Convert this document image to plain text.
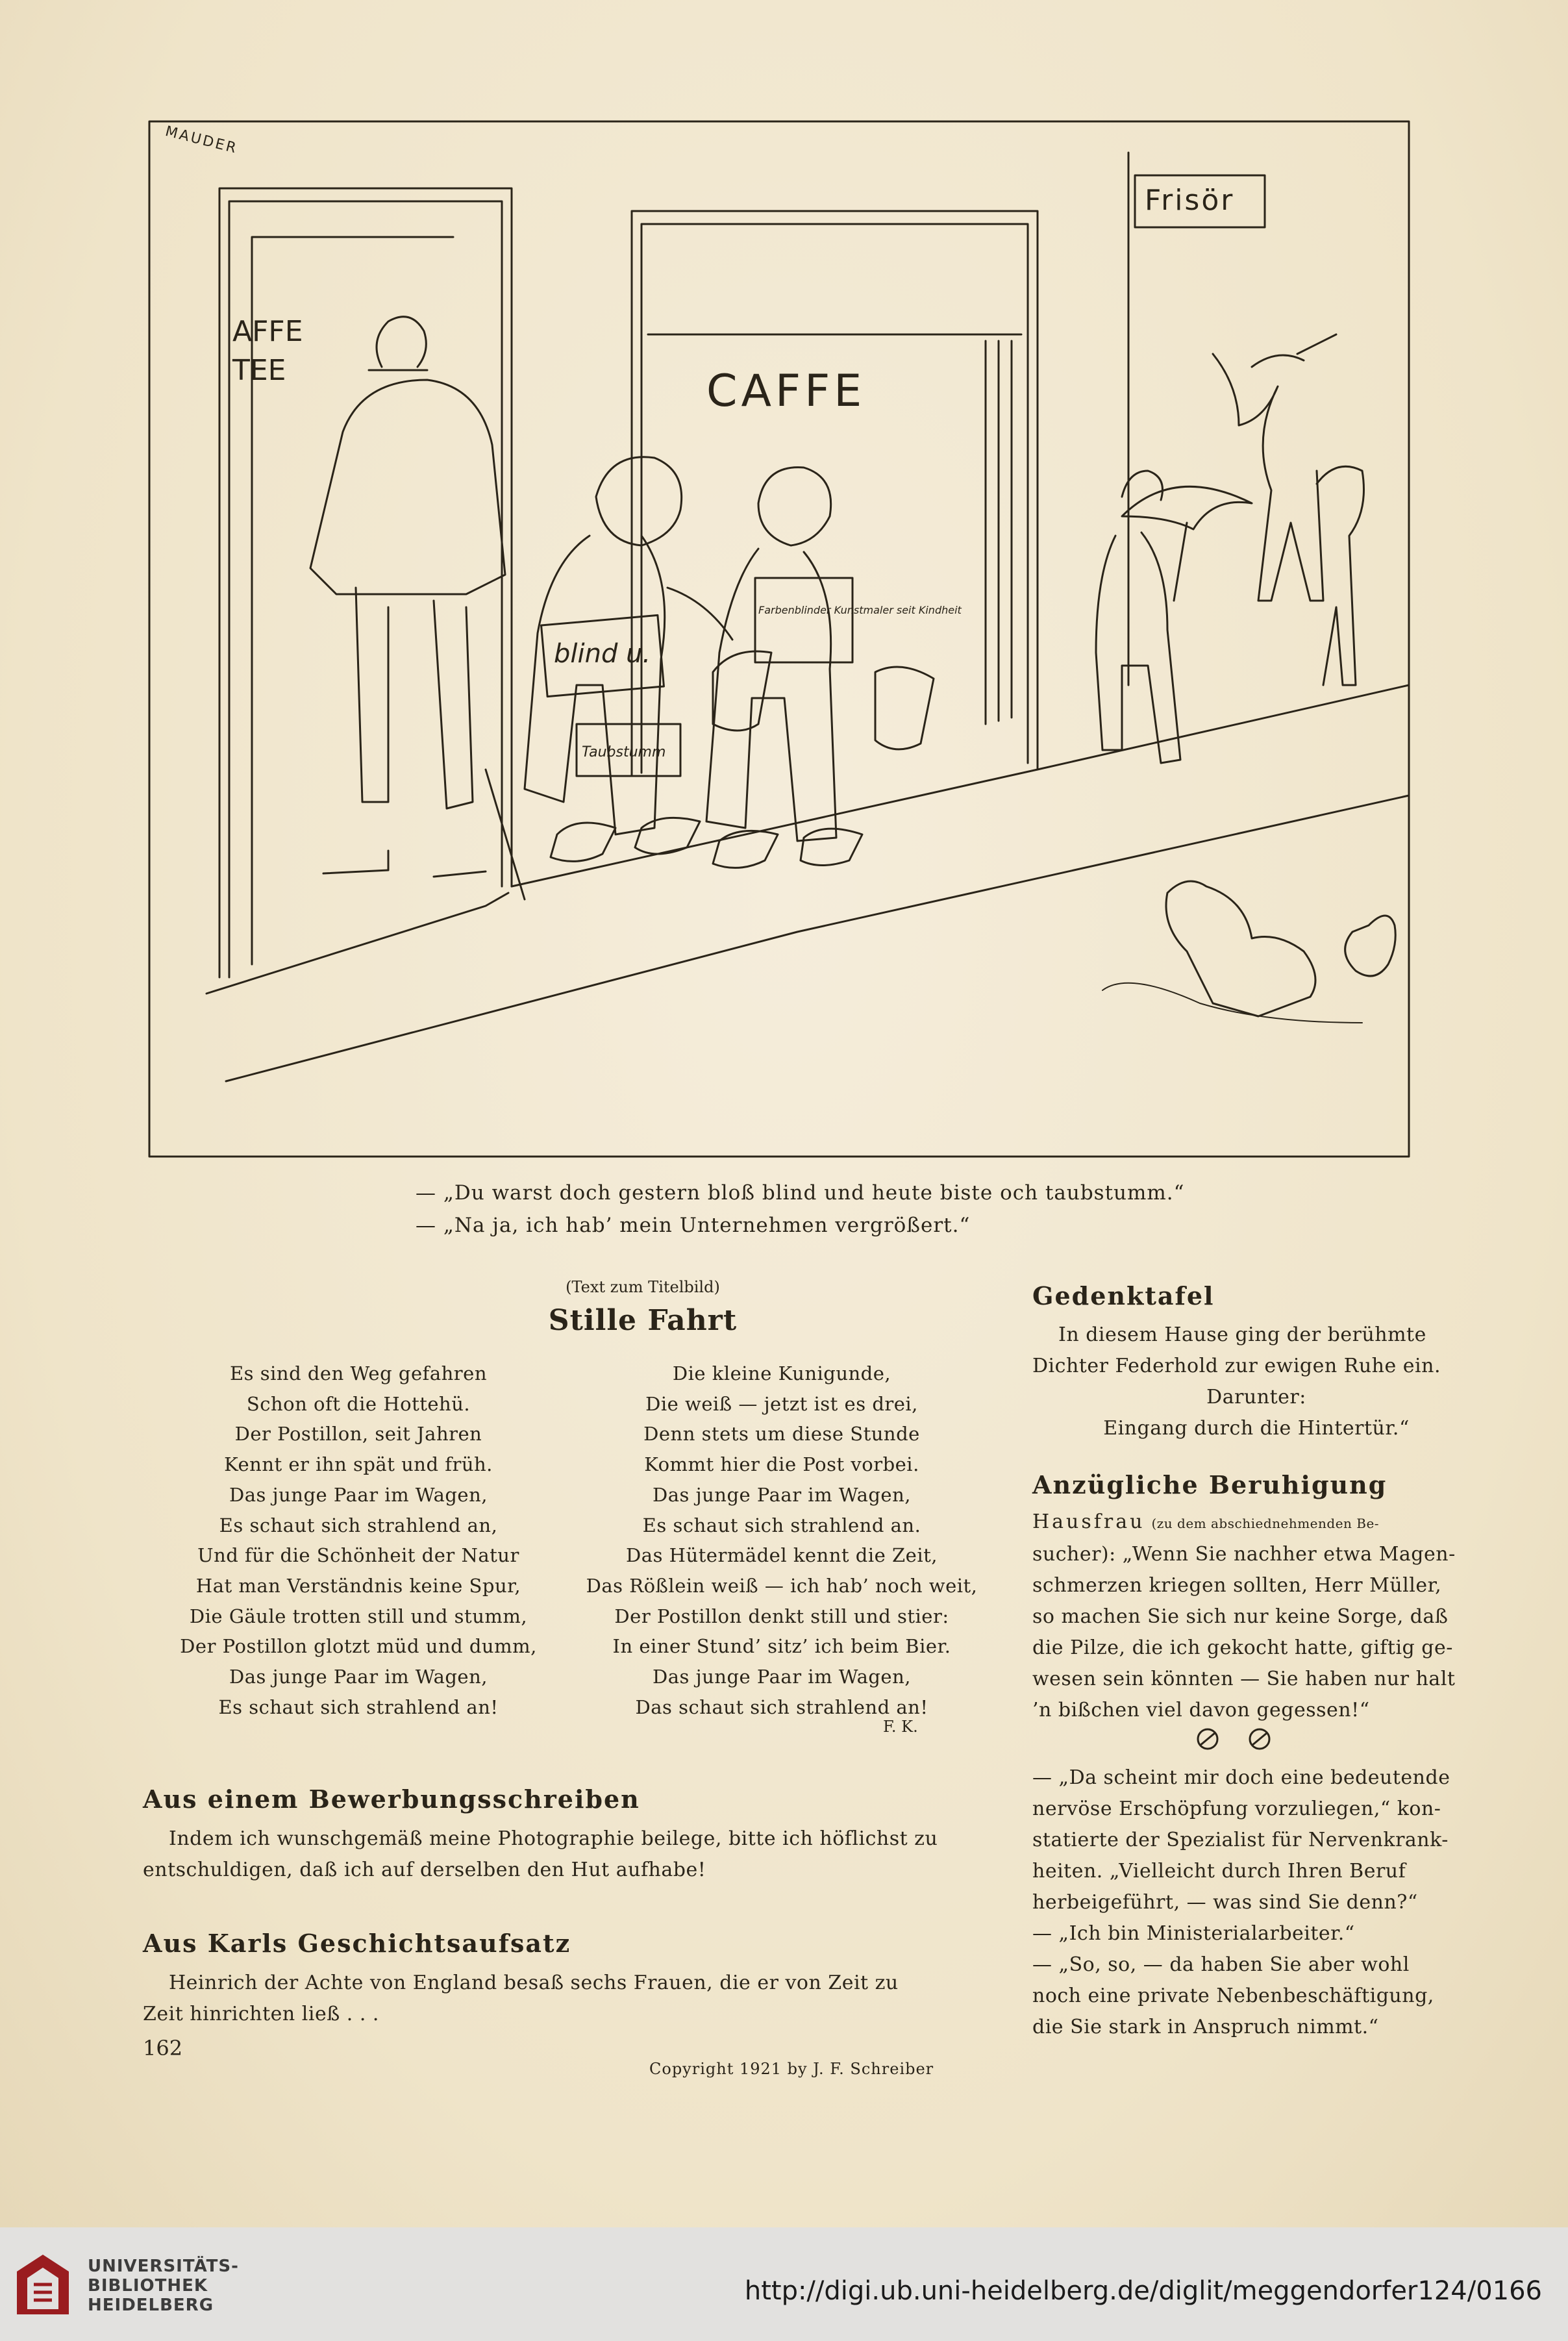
AFFE
TEE	CAFFE
Frisör
blind u.
Taubstumm
Farbenblinder Kunstmaler seit Kindheit
MAUDER
— „Du warst doch gestern bloß blind und heute biste och taubstumm.“
— „Na ja, ich hab’ mein Unternehmen vergrößert.“
(Text zum Titelbild)
Stille Fahrt
Es sind den Weg gefahren
Schon oft die Hottehü.
Der Postillon, seit Jahren
Kennt er ihn spät und früh.
Das junge Paar im Wagen,
Es schaut sich strahlend an,
Und für die Schönheit der Natur
Hat man Verständnis keine Spur,
Die Gäule trotten still und stumm,
Der Postillon glotzt müd und dumm,
Das junge Paar im Wagen,
Es schaut sich strahlend an!
Die kleine Kunigunde,
Die weiß — jetzt ist es drei,
Denn stets um diese Stunde
Kommt hier die Post vorbei.
Das junge Paar im Wagen,
Es schaut sich strahlend an.
Das Hütermädel kennt die Zeit,
Das Rößlein weiß — ich hab’ noch weit,
Der Postillon denkt still und stier:
In einer Stund’ sitz’ ich beim Bier.
Das junge Paar im Wagen,
Das schaut sich strahlend an!
F. K.
Aus einem Bewerbungsschreiben
Indem ich wunschgemäß meine Photographie beilege, bitte ich höflichst zu
entschuldigen, daß ich auf derselben den Hut aufhabe!
Aus Karls Geschichtsaufsatz
Heinrich der Achte von England besaß sechs Frauen, die er von Zeit zu
Zeit hinrichten ließ . . .
162
Copyright 1921 by J. F. Schreiber
Gedenktafel
In diesem Hause ging der berühmte
Dichter Federhold zur ewigen Ruhe ein.
Darunter:
Eingang durch die Hintertür.“
Anzügliche Beruhigung
Hausfrau (zu dem abschiednehmenden Be-
sucher): „Wenn Sie nachher etwa Magen-
schmerzen kriegen sollten, Herr Müller,
so machen Sie sich nur keine Sorge, daß
die Pilze, die ich gekocht hatte, giftig ge-
wesen sein könnten — Sie haben nur halt
’n bißchen viel davon gegessen!“
— „Da scheint mir doch eine bedeutende
nervöse Erschöpfung vorzuliegen,“ kon-
statierte der Spezialist für Nervenkrank-
heiten. „Vielleicht durch Ihren Beruf
herbeigeführt, — was sind Sie denn?“
— „Ich bin Ministerialarbeiter.“
— „So, so, — da haben Sie aber wohl
noch eine private Nebenbeschäftigung,
die Sie stark in Anspruch nimmt.“
UNIVERSITÄTS-
BIBLIOTHEK
HEIDELBERG	http://digi.ub.uni-heidelberg.de/diglit/meggendorfer124/0166
